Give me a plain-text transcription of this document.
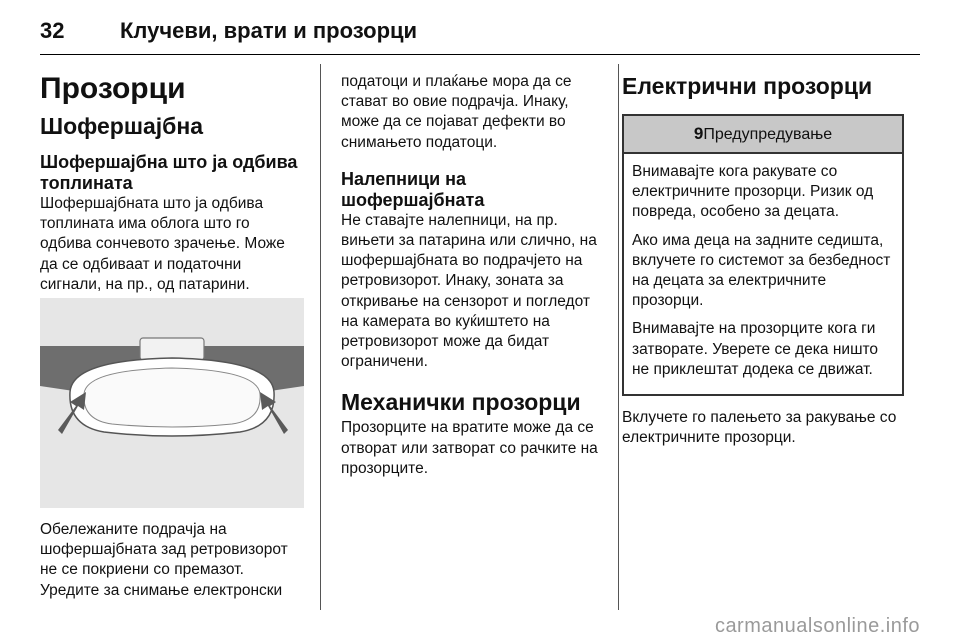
32	Клучеви, врати и прозорци
Прозорци
Шофершајбна
Шофершајбна што ја одбива топлината

Шофершајбната што ја одбива топлината има облога што го одбива сончевото зрачење. Може да се одбиваат и податочни сигнали, на пр., од патарини.

Обележаните подрачја на шофершајбната зад ретровизорот не се покриени со премазот. Уредите за снимање електронски

податоци и плаќање мора да се стават во овие подрачја. Инаку, може да се појават дефекти во снимањето податоци.

Налепници на шофершајбната

Не ставајте налепници, на пр. вињети за патарина или слично, на шофершајбната во подрачјето на ретровизорот. Инаку, зоната за откривање на сензорот и погледот на камерата во куќиштето на ретровизорот може да бидат ограничени.

Механички прозорци

Прозорците на вратите може да се отворат или затворат со рачките на прозорците.

Електрични прозорци
9Предупредување

Внимавајте кога ракувате со електричните прозорци. Ризик од повреда, особено за децата.

Ако има деца на задните седишта, вклучете го системот за безбедност на децата за електричните прозорци.

Внимавајте на прозорците кога ги затворате. Уверете се дека ништо не приклештат додека се движат.

Вклучете го палењето за ракување со електричните прозорци.

carmanualsonline.info
